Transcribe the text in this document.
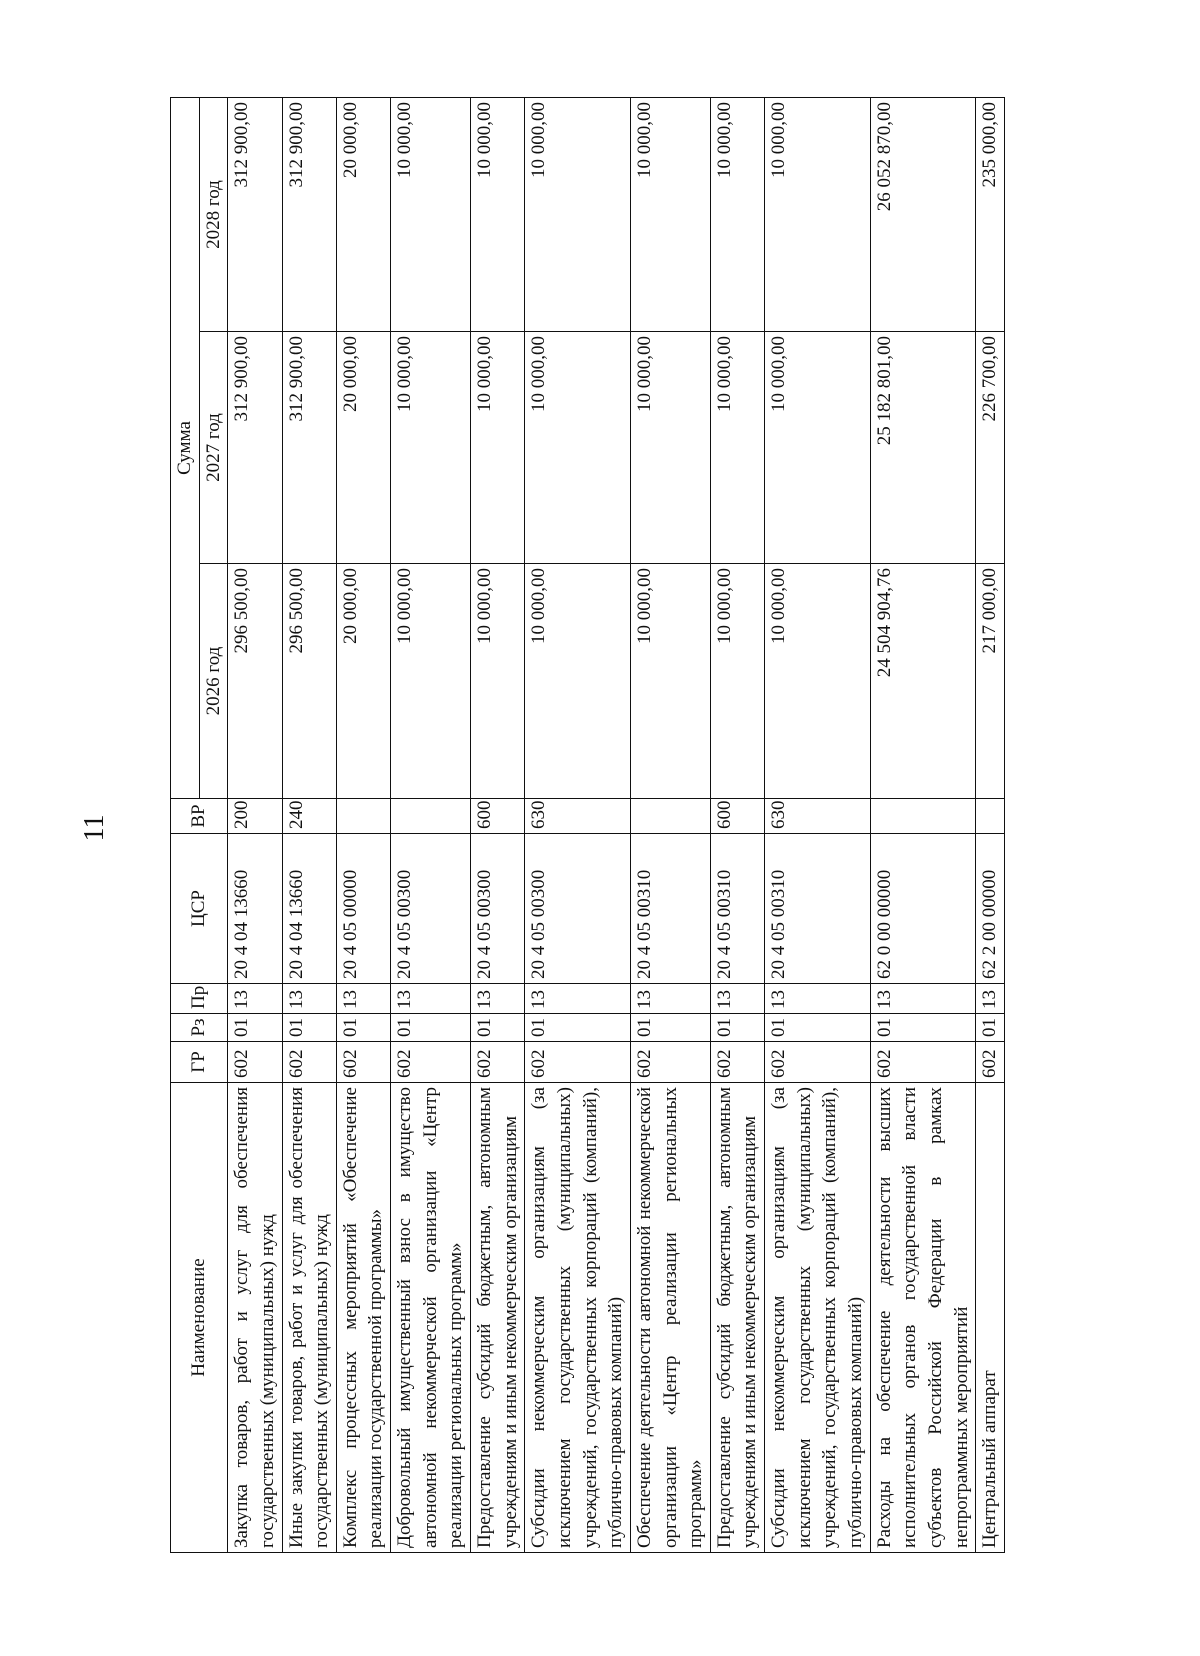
11
Наименование	ГР	Рз	Пр	ЦСР	ВР	Сумма		
						2026 год	2027 год	2028 год
Закупка товаров, работ и услуг для обеспечения государственных (муниципальных) нужд	602	01	13	20 4 04 13660	200	296 500,00	312 900,00	312 900,00
Иные закупки товаров, работ и услуг для обеспечения государственных (муниципальных) нужд	602	01	13	20 4 04 13660	240	296 500,00	312 900,00	312 900,00
Комплекс процессных мероприятий «Обеспечение реализации государственной программы»	602	01	13	20 4 05 00000		20 000,00	20 000,00	20 000,00
Добровольный имущественный взнос в имущество автономной некоммерческой организации «Центр реализации региональных программ»	602	01	13	20 4 05 00300		10 000,00	10 000,00	10 000,00
Предоставление субсидий бюджетным, автономным учреждениям и иным некоммерческим организациям	602	01	13	20 4 05 00300	600	10 000,00	10 000,00	10 000,00
Субсидии некоммерческим организациям (за исключением государственных (муниципальных) учреждений, государственных корпораций (компаний), публично-правовых компаний)	602	01	13	20 4 05 00300	630	10 000,00	10 000,00	10 000,00
Обеспечение деятельности автономной некоммерческой организации «Центр реализации региональных программ»	602	01	13	20 4 05 00310		10 000,00	10 000,00	10 000,00
Предоставление субсидий бюджетным, автономным учреждениям и иным некоммерческим организациям	602	01	13	20 4 05 00310	600	10 000,00	10 000,00	10 000,00
Субсидии некоммерческим организациям (за исключением государственных (муниципальных) учреждений, государственных корпораций (компаний), публично-правовых компаний)	602	01	13	20 4 05 00310	630	10 000,00	10 000,00	10 000,00
Расходы на обеспечение деятельности высших исполнительных органов государственной власти субъектов Российской Федерации в рамках непрограммных мероприятий	602	01	13	62 0 00 00000		24 504 904,76	25 182 801,00	26 052 870,00
Центральный аппарат	602	01	13	62 2 00 00000		217 000,00	226 700,00	235 000,00
